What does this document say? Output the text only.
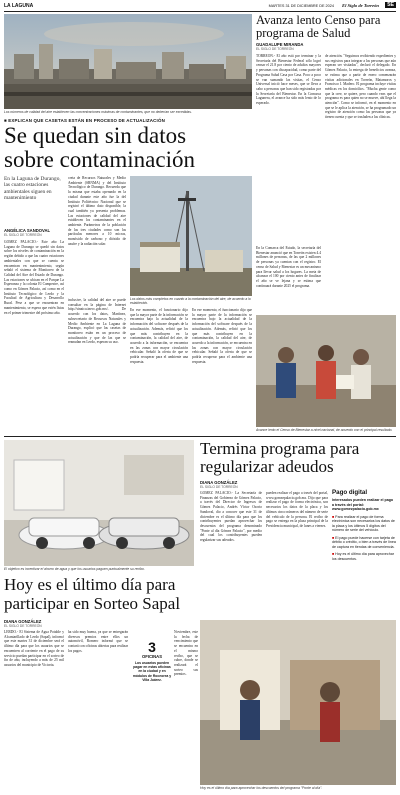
LA LAGUNA	MARTES 31 DE DICIEMBRE DE 2024 El Siglo de Torreón	5E
Los números de calidad del aire establecen las concentraciones máximas de contaminantes, que no deberían ser excedidas.
Avanza lento Censo para programa de Salud
GUADALUPE MIRANDA
EL SIGLO DE TORREÓN
TORREÓN.- El año está por terminar y la Secretaría del Bienestar Federal sólo logró censar el 21.8 por ciento de adultos mayores y personas con discapacidad, como parte del Programa Salud Casa por Casa. Poco a poco se van sumando las visitas, el Censo Universal inició hace meses, que se lleva a cabo a personas que han sido registradas por la Secretaría del Bienestar. En la Comarca Lagunera, el avance ha sido más lento de lo esperado.
de atención. "Seguimos recibiendo expedientes y sus registros para integrar a las personas que aún esperan ser visitadas", declaró el delegado. En Gómez Palacio, la entrega de beneficios avanza, se estima que a partir de enero comenzarán visitas adicionales en Torreón, Matamoros y Francisco I. Madero. El programa incluye visitas médicas en los domicilios. "Mucha gente como que la cree, se quiere, pero cuando veas que el programa es para quien no se mueve, ahí llega la atención". Como se informó, en el momento en que se le aplica la atención, se ha programado un registro de atención como las personas que ya tienen cuenta y que se trasladen a las clínicas.
En la Comarca del Estado, la secretaría del Bienestar anunció que en Torreón existen 4.4 millones de personas, de las que 2 millones de personas ya cuentan con el registro. El censo de Salud y Bienestar es un mecanismo para llevar salud a los hogares. La meta de alcanzar el 100 por ciento antes de finalizar el año se ve lejana y se estima que continuará durante 2025 el programa.
■ EXPLICAN QUE CASETAS ESTÁN EN PROCESO DE ACTUALIZACIÓN
Se quedan sin datos
sobre contaminación
En la Laguna de Durango, las cuatro estaciones ambientales siguen en mantenimiento
ANGÉLICA SANDOVAL
EL SIGLO DE TORREÓN
GÓMEZ PALACIO.- Este año La Laguna de Durango se quedó sin datos sobre los niveles de contaminación en la región debido a que las cuatro estaciones ambientales con que se cuenta se encuentran en mantenimiento, según señaló el sistema de Monitoreo de la Calidad del Aire del Estado de Durango. Las estaciones se ubican en el Parque La Esperanza y la colonia El Campestre, así como en Gómez Palacio, así como en el Instituto Tecnológico de Lerdo y la Facultad de Agricultura y Desarrollo Rural. Pese a que se encuentran en mantenimiento, se espera que estén listas en el primer trimestre del próximo año.
creta de Recursos Naturales y Medio Ambiente (SRNMA) y del Instituto Tecnológico de Durango. Recuerda que la misma que estaba operando en la ciudad durante este año fue la del Instituto Politécnico Nacional que se registró el último dato disponible, la cual también ya presenta problemas. Las estaciones de calidad del aire establecen los contaminantes en el ambiente. Parámetros de la población de las tres ciudades como son las partículas menores a 10 micras, monóxido de carbono y dióxido de azufre y la radiación solar.
Los datos más completos en cuanto a la contaminación del aire, de acuerdo a lo establecido.
inclusive, la calidad del aire se puede consultar en la página de Internet http://sinaica.inecc.gob.mx/. De acuerdo con los datos, Martínez, subsecretario de Recursos Naturales y Medio Ambiente en La Laguna de Durango, explicó que las casetas de monitoreo están en un proceso de actualización y que de las que se reanudan en Lerdo, esperan su uso.
En ese momento, el funcionario dijo que la mayor parte de la información se encuentra bajo la actualidad de la información del software después de la actualización. Además, refirió que los que más contribuyen en la contaminación, la calidad del aire, de acuerdo a la información, se encuentra en las zonas con mayor circulación vehicular. Señaló la oferta de que se podría recuperar para el ambiente una respuesta.
En ese momento, el funcionario dijo que la mayor parte de la información se encuentra bajo la actualidad de la información del software después de la actualización. Además, refirió que los que más contribuyen en la contaminación, la calidad del aire, de acuerdo a la información, se encuentra en las zonas con mayor circulación vehicular. Señaló la oferta de que se podría recuperar para el ambiente una respuesta.
Avance lento el Censo de Bienestar a nivel nacional, de acuerdo con el principal resultado.
El objetivo es incentivar el ahorro de agua y que los usuarios paguen puntualmente su recibo.
Termina programa para
regularizar adeudos
DIANA GONZÁLEZ
EL SIGLO DE TORREÓN
GÓMEZ PALACIO.- La Secretaría de Finanzas del Gobierno de Gómez Palacio, a través del Director de Ingresos de Gómez Palacio, Andrés Víctor Osorio Sandoval, dio a conocer que este 31 de diciembre es el último día para que los contribuyentes puedan aprovechar los descuentos del programa denominado "Ponte al día Gómez Palacio", por medio del cual los contribuyentes pueden regularizar sus adeudos.
pueden realizar el pago a través del portal, www.gomezpalacio.gob.mx. Dijo que para realizar el pago de forma electrónica, son necesarios los datos de la placa y los últimos cinco números del número de serie del vehículo de la persona. El recibo de pago se entrega en la plaza principal de la Presidencia municipal, de lunes a viernes.
Pago digital
Interesados pueden realizar el pago a través del portal: www.gomezpalacio.gob.mx
■ Para realizar el pago de forma electrónica son necesarios los datos de la placa y los últimos 5 dígitos del número de serie del vehículo.
■ El pago puede hacerse con tarjeta de débito o crédito, o bien a través de línea de captura en tiendas de conveniencia.
■ Hoy es el último día para aprovechar los descuentos.
Hoy es el último día para
participar en Sorteo Sapal
DIANA GONZÁLEZ
EL SIGLO DE TORREÓN
LERDO.- El Sistema de Agua Potable y Alcantarillado de Lerdo (Sapal), informó que este martes 31 de diciembre será el último día para que los usuarios que se encuentren al corriente en el pago de su servicio puedan participar en el sorteo de fin de año, incluyendo a más de 25 mil usuarios del municipio de Victoria.
ha sido muy buena, ya que se entregarán diversos premios entre ellos un automóvil, Romero informó que se contará con oficinas abiertas para realizar los pagos.	3
OFICINAS
Los usuarios pueden pagar en estas oficinas en la ciudad y en módulos de Roceorea y Villa Juárez.
Noviembre, este la fecha de vencimiento que se encuentra en el mismo recibo, que se cubre, donde se realizará el sorteo sus premios.
Hoy es el último día para aprovechar los descuentos del programa "Ponte al día".
